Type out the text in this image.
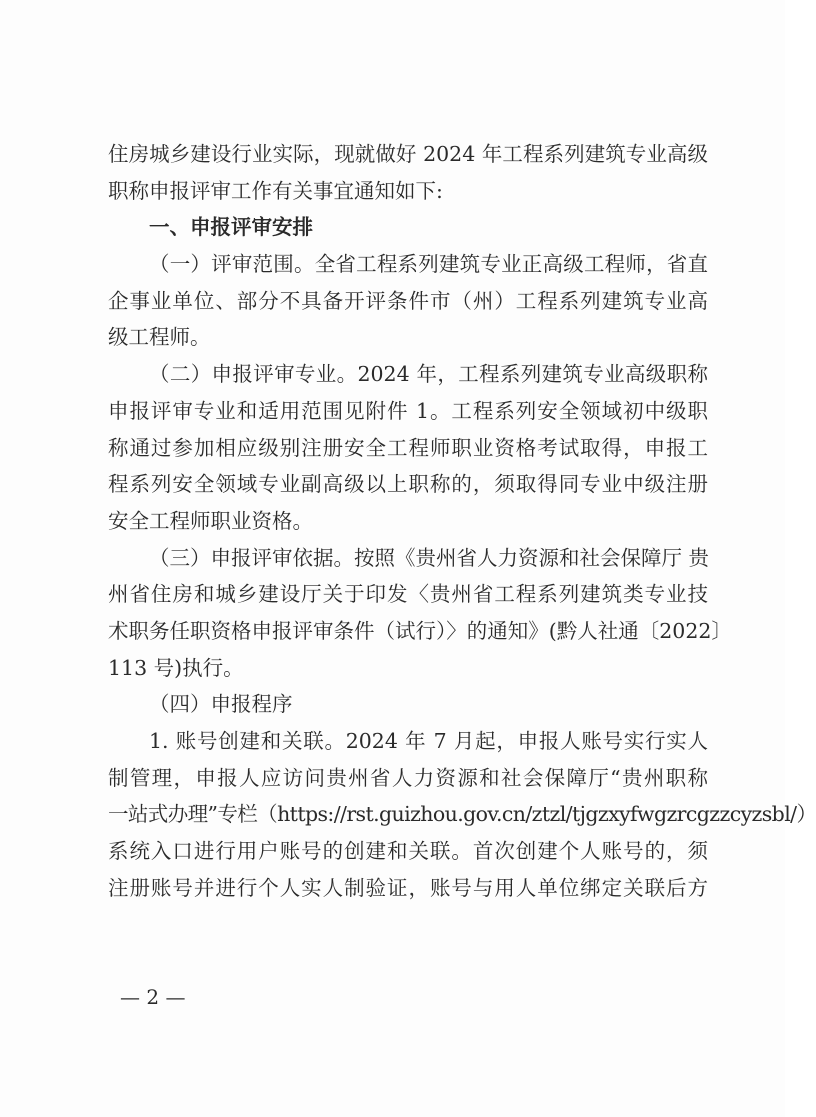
住房城乡建设行业实际，现就做好 2024 年工程系列建筑专业高级
职称申报评审工作有关事宜通知如下:
一、申报评审安排
（一）评审范围。全省工程系列建筑专业正高级工程师，省直
企事业单位、部分不具备开评条件市（州）工程系列建筑专业高
级工程师。
（二）申报评审专业。2024 年，工程系列建筑专业高级职称
申报评审专业和适用范围见附件 1。工程系列安全领域初中级职
称通过参加相应级别注册安全工程师职业资格考试取得，申报工
程系列安全领域专业副高级以上职称的，须取得同专业中级注册
安全工程师职业资格。
（三）申报评审依据。按照《贵州省人力资源和社会保障厅 贵
州省住房和城乡建设厅关于印发〈贵州省工程系列建筑类专业技
术职务任职资格申报评审条件（试行）〉的通知》(黔人社通〔2022〕
113 号)执行。
（四）申报程序
1. 账号创建和关联。2024 年 7 月起，申报人账号实行实人
制管理，申报人应访问贵州省人力资源和社会保障厅“贵州职称
一站式办理”专栏（https://rst.guizhou.gov.cn/ztzl/tjgzxyfwgzrcgzzcyzsbl/）
系统入口进行用户账号的创建和关联。首次创建个人账号的，须
注册账号并进行个人实人制验证，账号与用人单位绑定关联后方
— 2 —
